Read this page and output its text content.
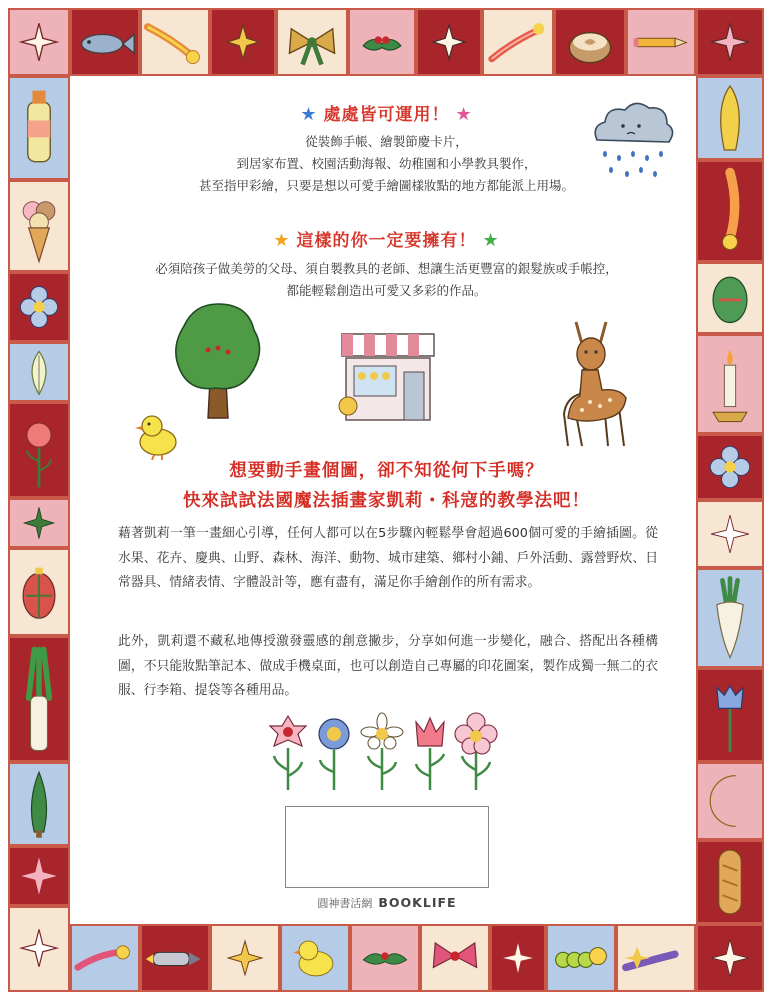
★ 處處皆可運用！ ★
從裝飾手帳、繪製節慶卡片，
到居家布置、校園活動海報、幼稚園和小學教具製作，
甚至指甲彩繪，只要是想以可愛手繪圖樣妝點的地方都能派上用場。
★ 這樣的你一定要擁有！ ★
必須陪孩子做美勞的父母、須自製教具的老師、想讓生活更豐富的銀髮族或手帳控，
都能輕鬆創造出可愛又多彩的作品。
想要動手畫個圖，卻不知從何下手嗎？
快來試試法國魔法插畫家凱莉・科寇的教學法吧！
藉著凱莉一筆一畫細心引導，任何人都可以在5步驟內輕鬆學會超過600個可愛的手繪插圖。從水果、花卉、慶典、山野、森林、海洋、動物、城市建築、鄉村小鋪、戶外活動、露營野炊、日常器具、情緒表情、字體設計等，應有盡有，滿足你手繪創作的所有需求。
此外，凱莉還不藏私地傳授激發靈感的創意撇步，分享如何進一步變化，融合、搭配出各種構圖，不只能妝點筆記本、做成手機桌面，也可以創造自己專屬的印花圖案，製作成獨一無二的衣服、行李箱、提袋等各種用品。
圓神書活網 BOOKLIFE
